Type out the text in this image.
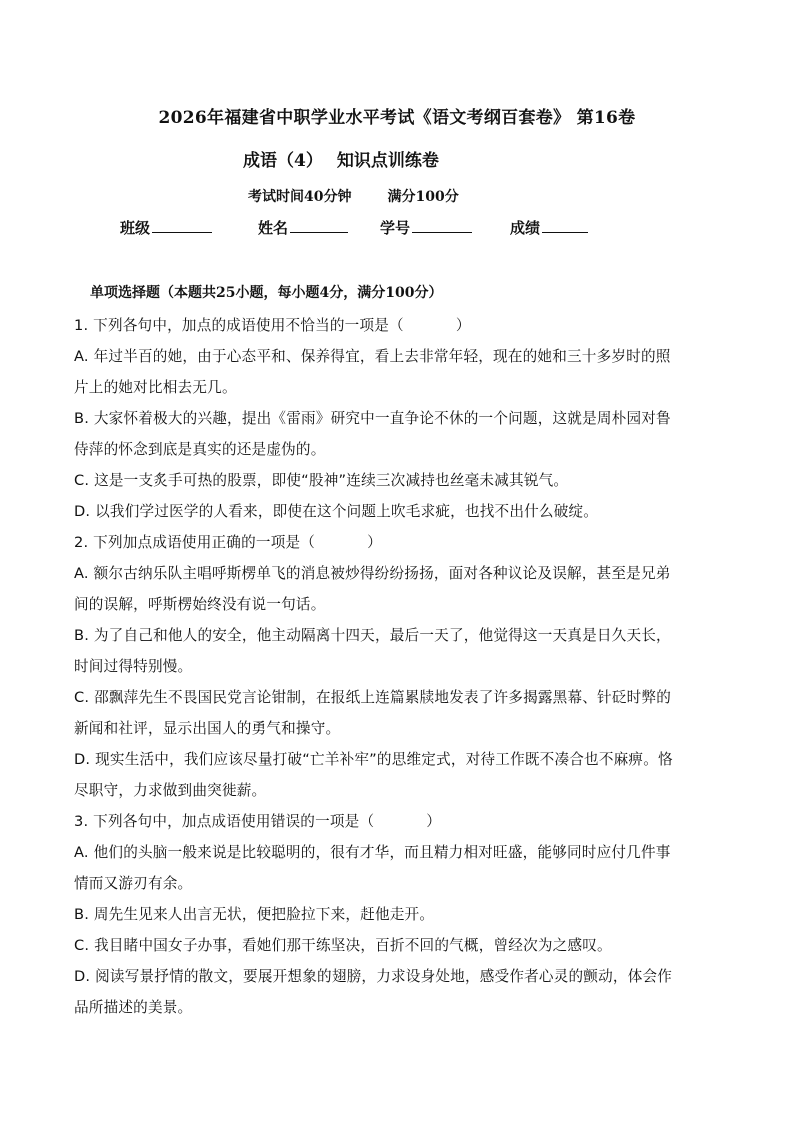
2026年福建省中职学业水平考试《语文考纲百套卷》 第16卷
成语（4） 知识点训练卷
考试时间40分钟	满分100分
班级	姓名	学号	成绩
单项选择题（本题共25小题，每小题4分，满分100分）
1. 下列各句中，加点的成语使用不恰当的一项是（	）
A. 年过半百的她，由于心态平和、保养得宜，看上去非常年轻，现在的她和三十多岁时的照
片上的她对比相去无几。
B. 大家怀着极大的兴趣，提出《雷雨》研究中一直争论不休的一个问题，这就是周朴园对鲁
侍萍的怀念到底是真实的还是虚伪的。
C. 这是一支炙手可热的股票，即使“股神”连续三次减持也丝毫未减其锐气。
D. 以我们学过医学的人看来，即使在这个问题上吹毛求疵，也找不出什么破绽。
2. 下列加点成语使用正确的一项是（	）
A. 额尔古纳乐队主唱呼斯楞单飞的消息被炒得纷纷扬扬，面对各种议论及误解，甚至是兄弟
间的误解，呼斯楞始终没有说一句话。
B. 为了自己和他人的安全，他主动隔离十四天，最后一天了，他觉得这一天真是日久天长，
时间过得特别慢。
C. 邵飘萍先生不畏国民党言论钳制，在报纸上连篇累牍地发表了许多揭露黑幕、针砭时弊的
新闻和社评，显示出国人的勇气和操守。
D. 现实生活中，我们应该尽量打破“亡羊补牢”的思维定式，对待工作既不凑合也不麻痹。恪
尽职守，力求做到曲突徙薪。
3. 下列各句中，加点成语使用错误的一项是（	）
A. 他们的头脑一般来说是比较聪明的，很有才华，而且精力相对旺盛，能够同时应付几件事
情而又游刃有余。
B. 周先生见来人出言无状，便把脸拉下来，赶他走开。
C. 我目睹中国女子办事，看她们那干练坚决，百折不回的气概，曾经次为之感叹。
D. 阅读写景抒情的散文，要展开想象的翅膀，力求设身处地，感受作者心灵的颤动，体会作
品所描述的美景。
